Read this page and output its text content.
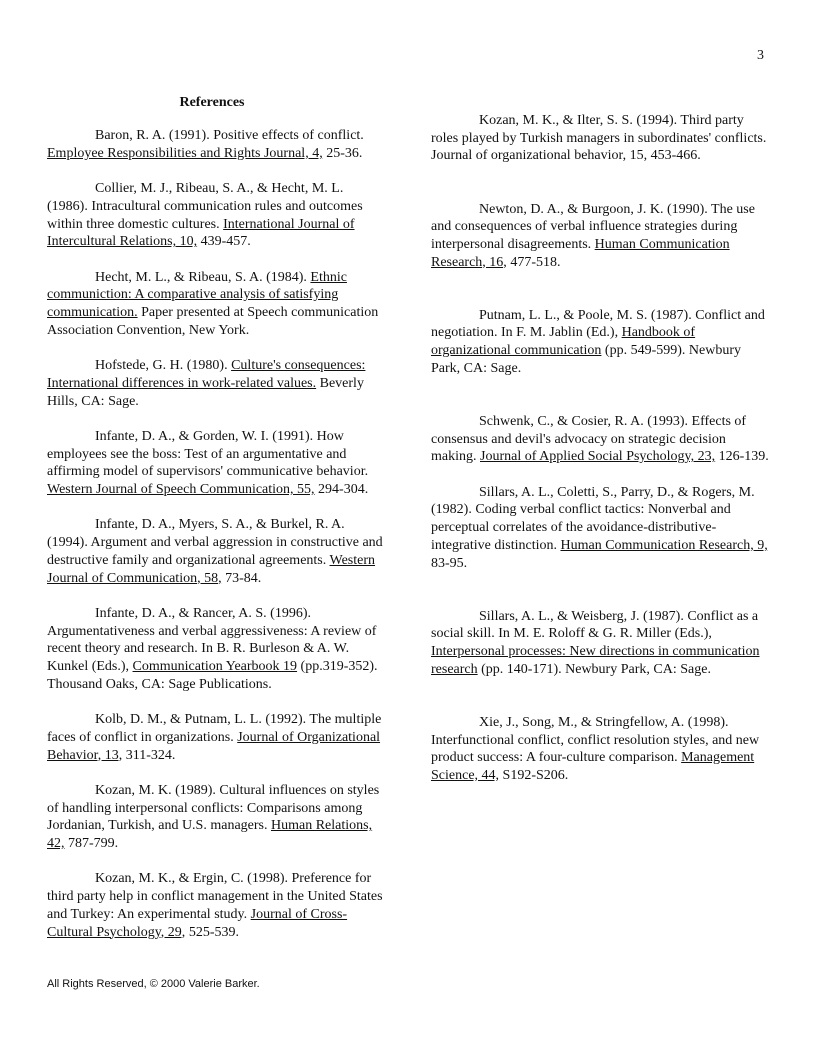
3
References

Baron, R. A. (1991). Positive effects of conflict. Employee Responsibilities and Rights Journal, 4, 25-36.

Collier, M. J., Ribeau, S. A., & Hecht, M. L. (1986). Intracultural communication rules and outcomes within three domestic cultures. International Journal of Intercultural Relations, 10, 439-457.

Hecht, M. L., & Ribeau, S. A. (1984). Ethnic communiction: A comparative analysis of satisfying communication. Paper presented at Speech communication Association Convention, New York.

Hofstede, G. H. (1980). Culture's consequences: International differences in work-related values. Beverly Hills, CA: Sage.

Infante, D. A., & Gorden, W. I. (1991). How employees see the boss: Test of an argumentative and affirming model of supervisors' communicative behavior. Western Journal of Speech Communication, 55, 294-304.

Infante, D. A., Myers, S. A., & Burkel, R. A. (1994). Argument and verbal aggression in constructive and destructive family and organizational agreements. Western Journal of Communication, 58, 73-84.

Infante, D. A., & Rancer, A. S. (1996). Argumentativeness and verbal aggressiveness: A review of recent theory and research. In B. R. Burleson & A. W. Kunkel (Eds.), Communication Yearbook 19 (pp.319-352). Thousand Oaks, CA: Sage Publications.

Kolb, D. M., & Putnam, L. L. (1992). The multiple faces of conflict in organizations. Journal of Organizational Behavior, 13, 311-324.

Kozan, M. K. (1989). Cultural influences on styles of handling interpersonal conflicts: Comparisons among Jordanian, Turkish, and U.S. managers. Human Relations, 42, 787-799.

Kozan, M. K., & Ergin, C. (1998). Preference for third party help in conflict management in the United States and Turkey: An experimental study. Journal of Cross-Cultural Psychology, 29, 525-539.

Kozan, M. K., & Ilter, S. S. (1994). Third party roles played by Turkish managers in subordinates' conflicts. Journal of organizational behavior, 15, 453-466.

Newton, D. A., & Burgoon, J. K. (1990). The use and consequences of verbal influence strategies during interpersonal disagreements. Human Communication Research, 16, 477-518.

Putnam, L. L., & Poole, M. S. (1987). Conflict and negotiation. In F. M. Jablin (Ed.), Handbook of organizational communication (pp. 549-599). Newbury Park, CA: Sage.

Schwenk, C., & Cosier, R. A. (1993). Effects of consensus and devil's advocacy on strategic decision making. Journal of Applied Social Psychology, 23, 126-139.

Sillars, A. L., Coletti, S., Parry, D., & Rogers, M. (1982). Coding verbal conflict tactics: Nonverbal and perceptual correlates of the avoidance-distributive-integrative distinction. Human Communication Research, 9, 83-95.

Sillars, A. L., & Weisberg, J. (1987). Conflict as a social skill. In M. E. Roloff & G. R. Miller (Eds.), Interpersonal processes: New directions in communication research (pp. 140-171). Newbury Park, CA: Sage.

Xie, J., Song, M., & Stringfellow, A. (1998). Interfunctional conflict, conflict resolution styles, and new product success: A four-culture comparison. Management Science, 44, S192-S206.

All Rights Reserved, © 2000 Valerie Barker.
